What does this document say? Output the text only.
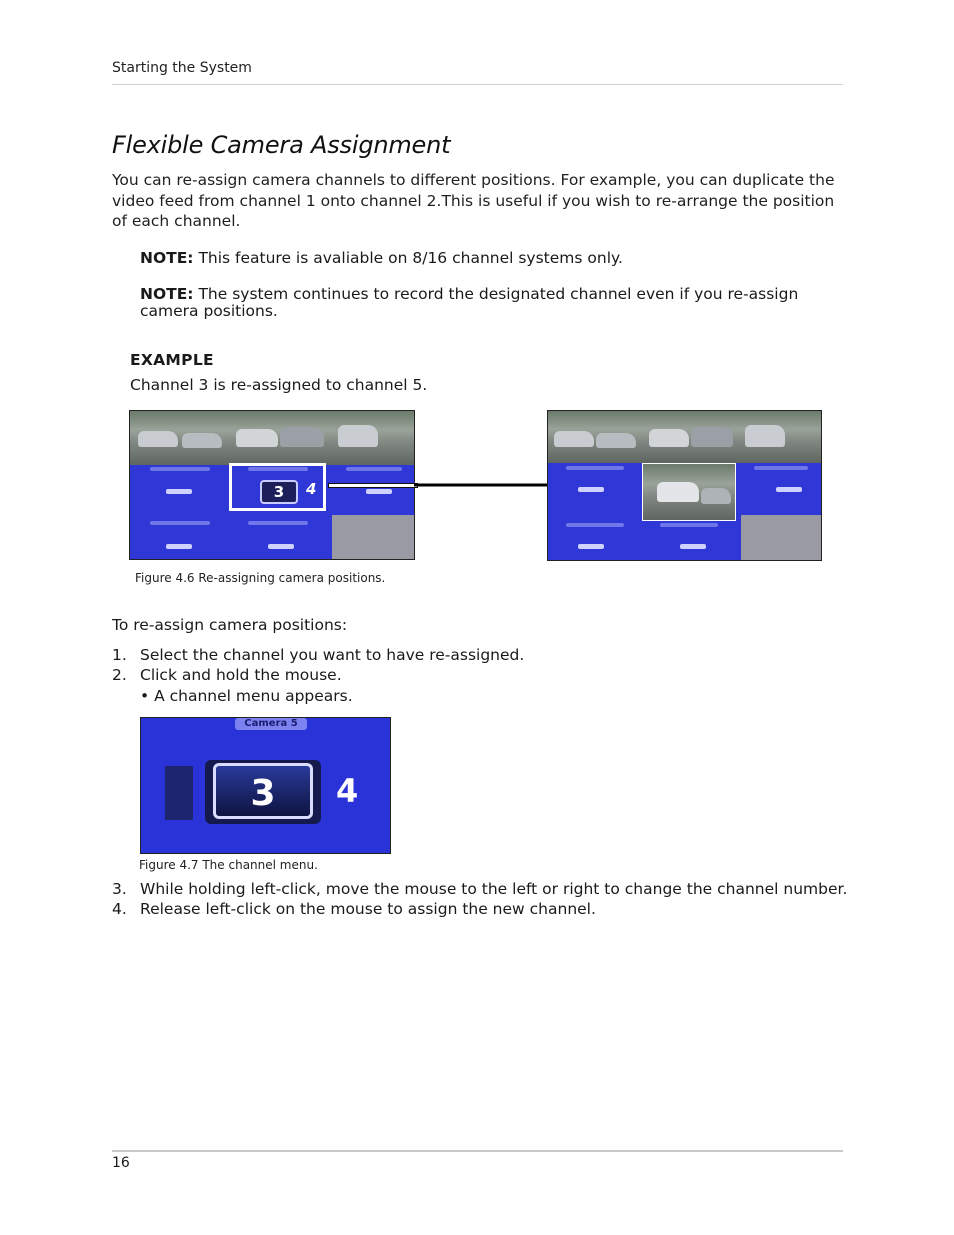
Starting the System
Flexible Camera Assignment
You can re-assign camera channels to different positions. For example, you can duplicate the video feed from channel 1 onto channel 2.This is useful if you wish to re-arrange the position of each channel.
NOTE: This feature is avaliable on 8/16 channel systems only.
NOTE: The system continues to record the designated channel even if you re-assign camera positions.
EXAMPLE
Channel 3 is re-assigned to channel 5.
3	4
Figure 4.6 Re-assigning camera positions.
To re-assign camera positions:
1. Select the channel you want to have re-assigned.
2. Click and hold the mouse.
• A channel menu appears.
Camera 5
3	4
Figure 4.7 The channel menu.
3. While holding left-click, move the mouse to the left or right to change the channel number.
4. Release left-click on the mouse to assign the new channel.
16
